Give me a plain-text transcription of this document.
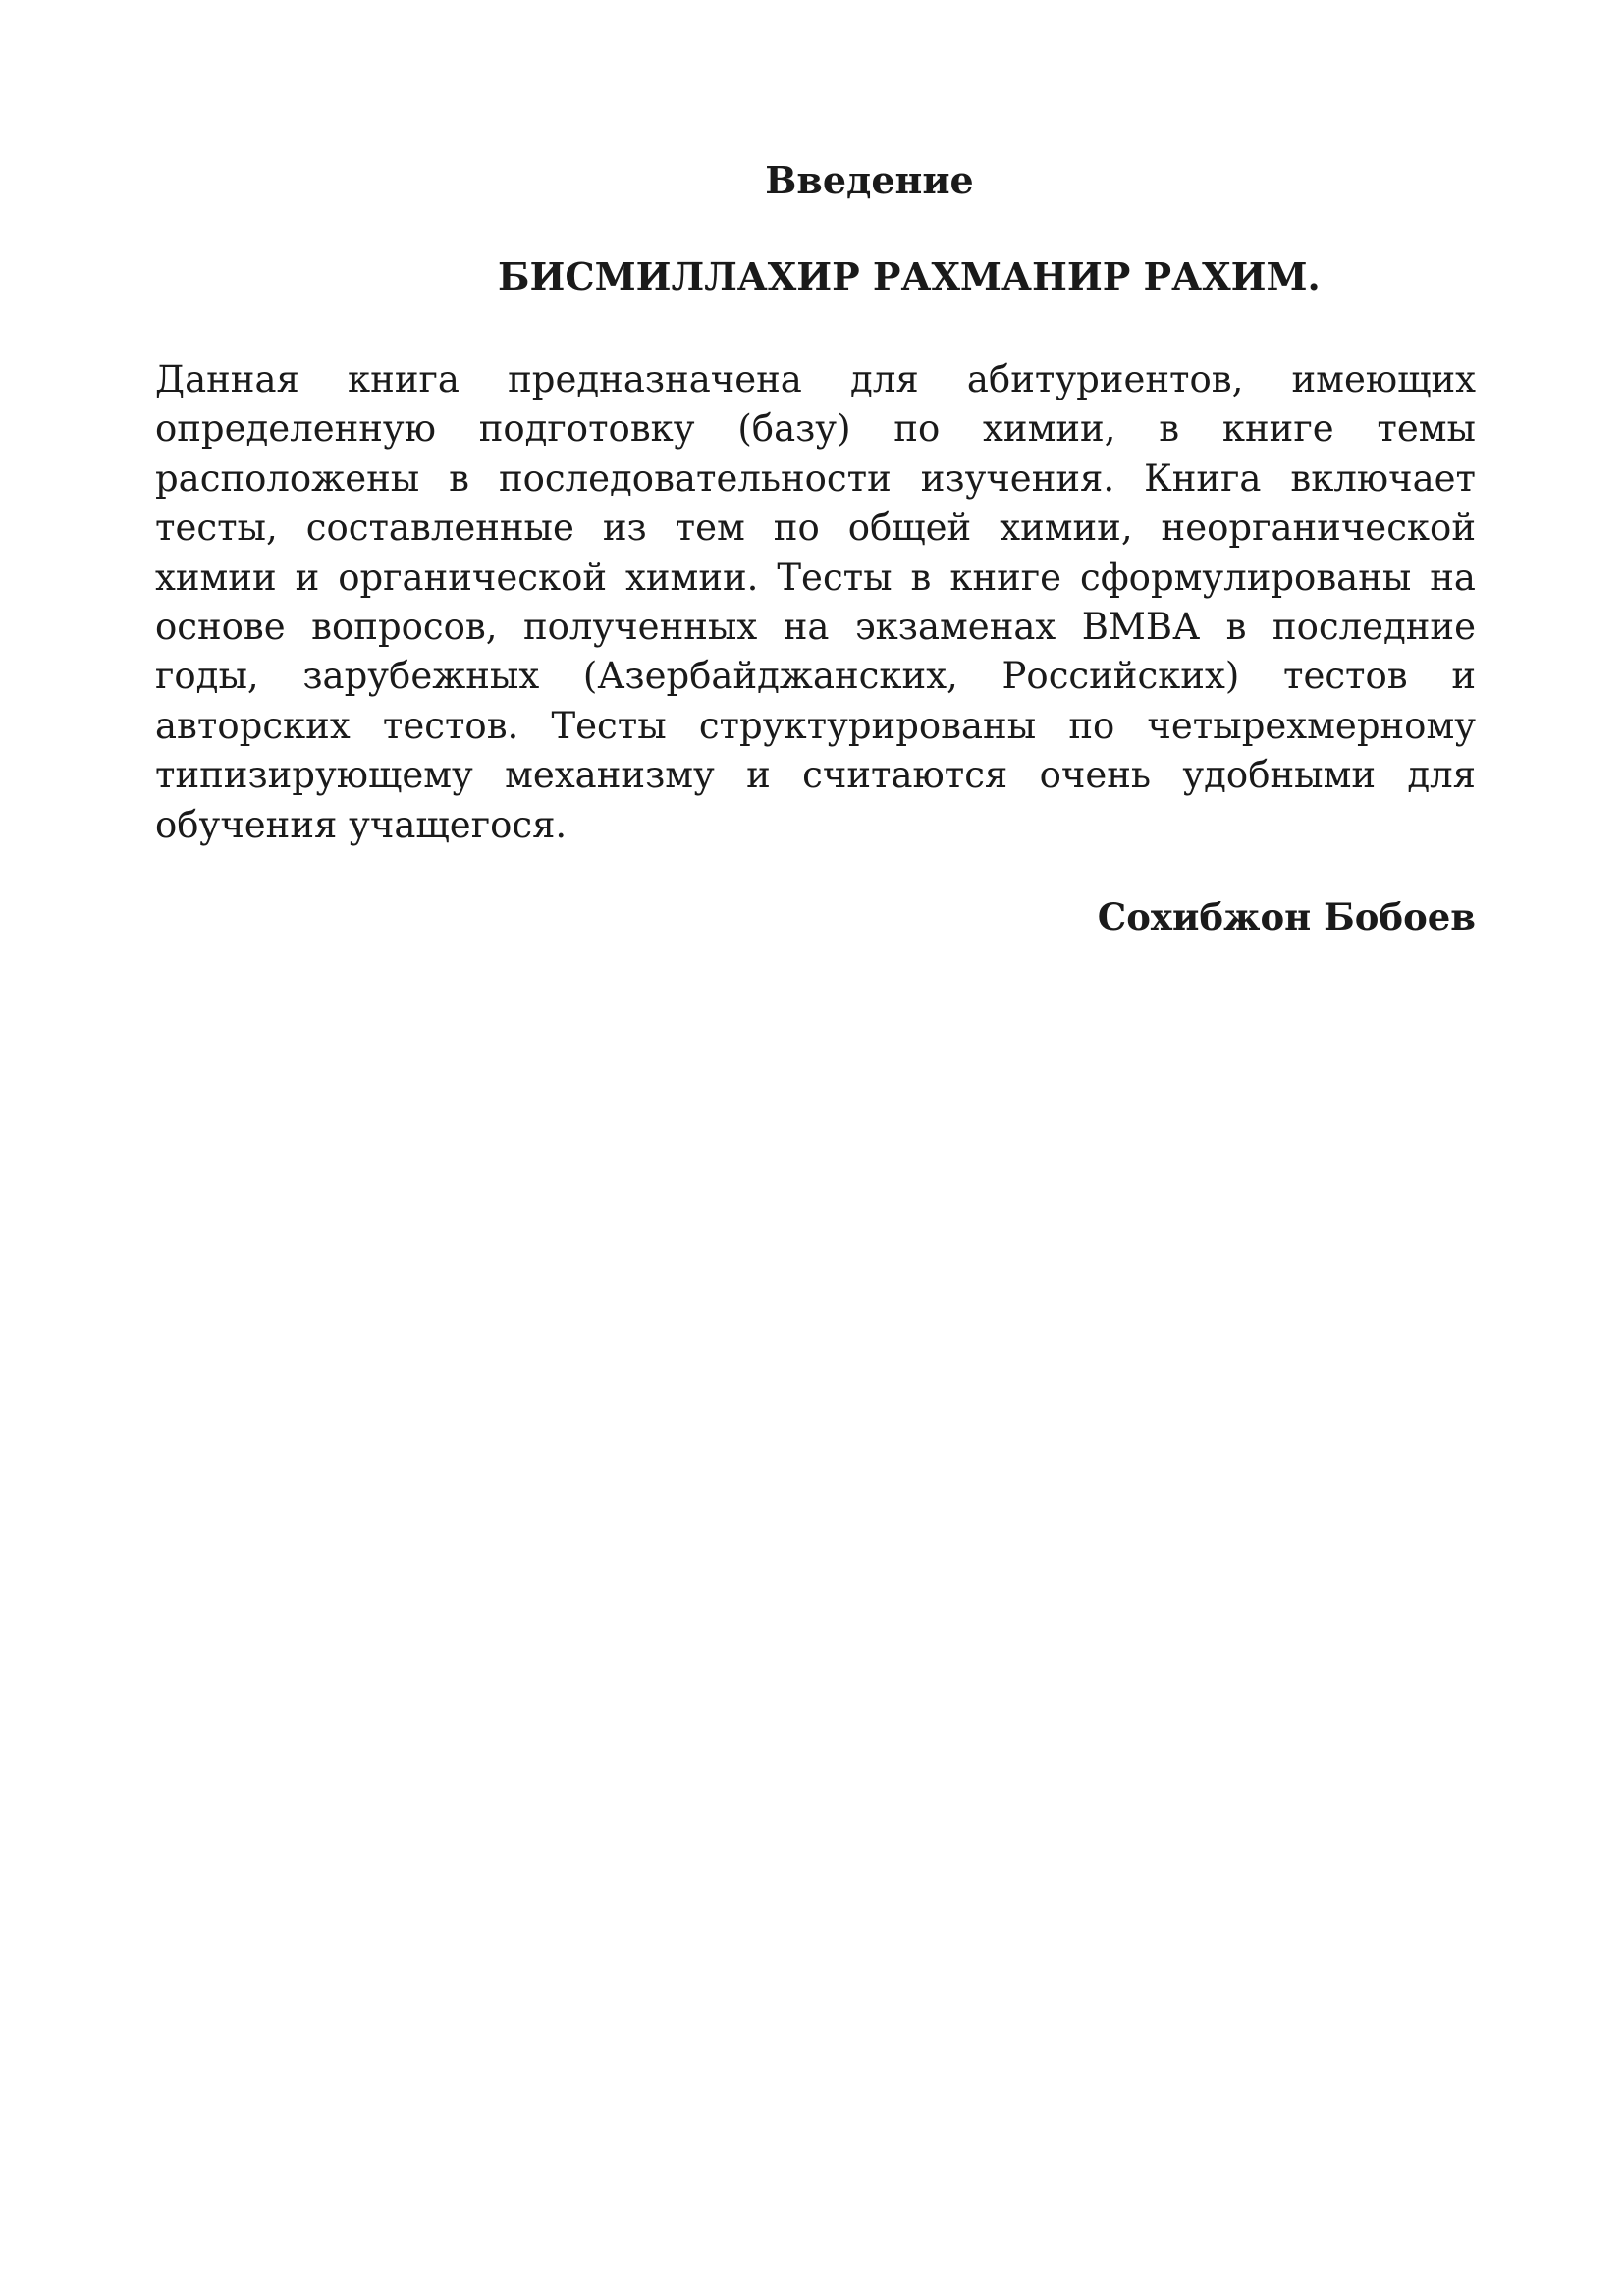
Введение
БИСМИЛЛАХИР РАХМАНИР РАХИМ.

Данная книга предназначена для абитуриентов, имеющих определенную подготовку (базу) по химии, в книге темы расположены в последовательности изучения. Книга включает тесты, составленные из тем по общей химии, неорганической химии и органической химии. Тесты в книге сформулированы на основе вопросов, полученных на экзаменах ВМВА в последние годы, зарубежных (Азербайджанских, Российских) тестов и авторских тестов. Тесты структурированы по четырехмерному типизирующему механизму и считаются очень удобными для обучения учащегося.

Сохибжон Бобоев
